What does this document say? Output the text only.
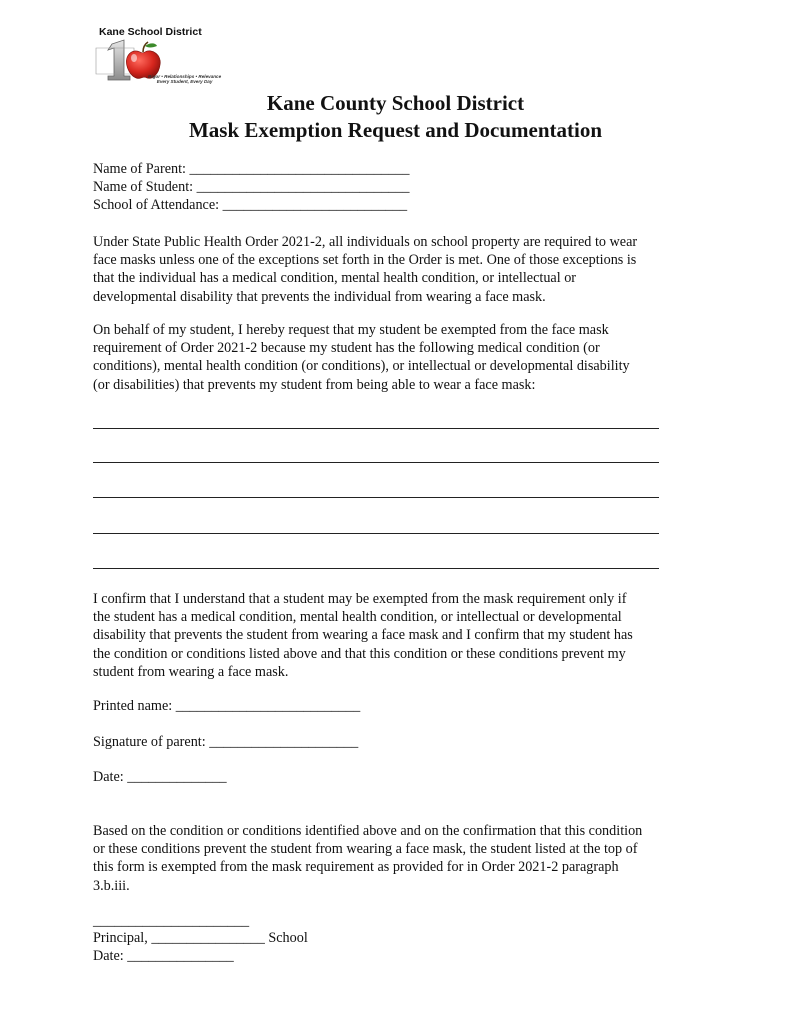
Kane School District
Rigor • Relationships • Relevance
Every Student, Every Day
Kane County School District
Mask Exemption Request and Documentation
Name of Parent: _______________________________
Name of Student: ______________________________
School of Attendance: __________________________
Under State Public Health Order 2021-2, all individuals on school property are required to wear
face masks unless one of the exceptions set forth in the Order is met. One of those exceptions is
that the individual has a medical condition, mental health condition, or intellectual or
developmental disability that prevents the individual from wearing a face mask.
On behalf of my student, I hereby request that my student be exempted from the face mask
requirement of Order 2021-2 because my student has the following medical condition (or
conditions), mental health condition (or conditions), or intellectual or developmental disability
(or disabilities) that prevents my student from being able to wear a face mask:
I confirm that I understand that a student may be exempted from the mask requirement only if
the student has a medical condition, mental health condition, or intellectual or developmental
disability that prevents the student from wearing a face mask and I confirm that my student has
the condition or conditions listed above and that this condition or these conditions prevent my
student from wearing a face mask.
Printed name: __________________________
Signature of parent: _____________________
Date: ______________
Based on the condition or conditions identified above and on the confirmation that this condition
or these conditions prevent the student from wearing a face mask, the student listed at the top of
this form is exempted from the mask requirement as provided for in Order 2021-2 paragraph
3.b.iii.
______________________
Principal, ________________ School
Date: _______________
